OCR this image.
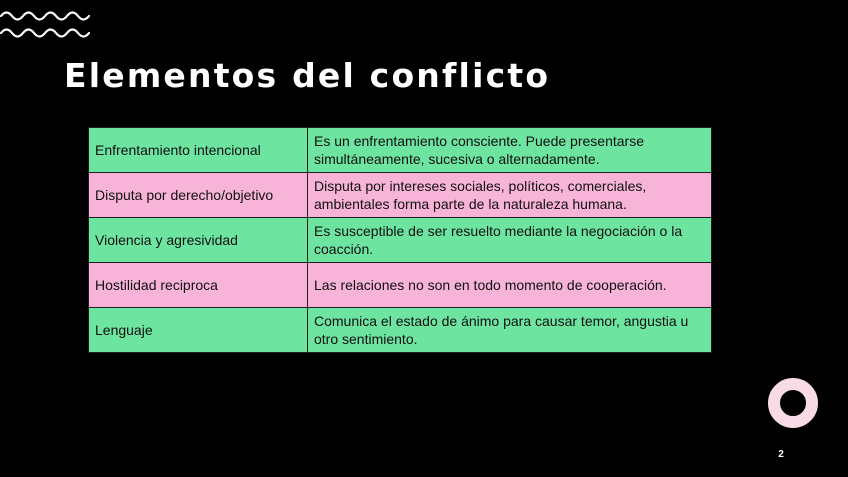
Elementos del conflicto
Enfrentamiento intencional	Es un enfrentamiento consciente. Puede presentarse simultáneamente, sucesiva o alternadamente.
Disputa por derecho/objetivo	Disputa por intereses sociales, políticos, comerciales, ambientales forma parte de la naturaleza humana.
Violencia y agresividad	Es susceptible de ser resuelto mediante la negociación o la coacción.
Hostilidad reciproca	Las relaciones no son en todo momento de cooperación.
Lenguaje	Comunica el estado de ánimo para causar temor, angustia u otro sentimiento.
2
